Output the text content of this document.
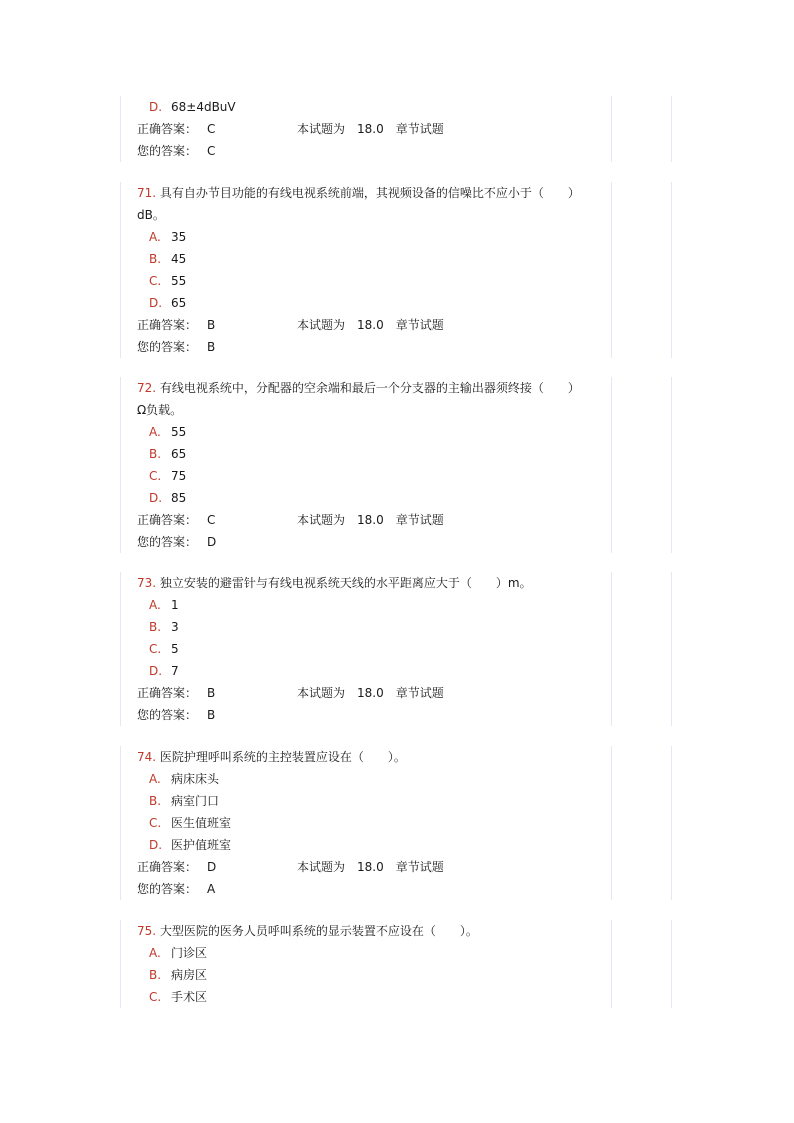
D. 68±4dBuV
正确答案： C	本试题为 18.0 章节试题
您的答案： C
71. 具有自办节目功能的有线电视系统前端，其视频设备的信噪比不应小于（　　）dB。
A. 35
B. 45
C. 55
D. 65
正确答案： B	本试题为 18.0 章节试题
您的答案： B
72. 有线电视系统中，分配器的空余端和最后一个分支器的主输出器须终接（　　）Ω负载。
A. 55
B. 65
C. 75
D. 85
正确答案： C	本试题为 18.0 章节试题
您的答案： D
73. 独立安装的避雷针与有线电视系统天线的水平距离应大于（　　）m。
A. 1
B. 3
C. 5
D. 7
正确答案： B	本试题为 18.0 章节试题
您的答案： B
74. 医院护理呼叫系统的主控装置应设在（　　）。
A. 病床床头
B. 病室门口
C. 医生值班室
D. 医护值班室
正确答案： D	本试题为 18.0 章节试题
您的答案： A
75. 大型医院的医务人员呼叫系统的显示装置不应设在（　　）。
A. 门诊区
B. 病房区
C. 手术区
